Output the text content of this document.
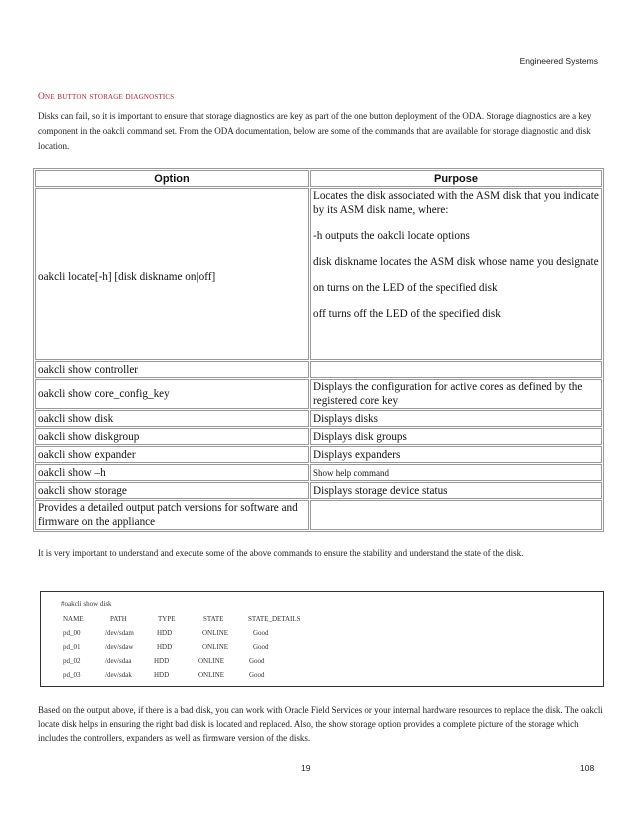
Engineered Systems
One button storage diagnostics
Disks can fail, so it is important to ensure that storage diagnostics are key as part of the one button deployment of the ODA. Storage diagnostics are a key component in the oakcli command set. From the ODA documentation, below are some of the commands that are available for storage diagnostic and disk location.
Option	Purpose
oakcli locate[-h] [disk diskname on|off]	Locates the disk associated with the ASM disk that you indicate by its ASM disk name, where:
-h outputs the oakcli locate options
disk diskname locates the ASM disk whose name you designate
on turns on the LED of the specified disk
off turns off the LED of the specified disk

oakcli show controller	
oakcli show core_config_key	Displays the configuration for active cores as defined by the registered core key
oakcli show disk	Displays disks
oakcli show diskgroup	Displays disk groups
oakcli show expander	Displays expanders
oakcli show –h	Show help command
oakcli show storage	Displays storage device status
Provides a detailed output patch versions for software and firmware on the appliance	
It is very important to understand and execute some of the above commands to ensure the stability and understand the state of the disk.
#oakcli show disk
NAME	PATH	TYPE	STATE	STATE_DETAILS
pd_00	/dev/sdam	HDD	ONLINE	Good
pd_01	/dev/sdaw	HDD	ONLINE	Good
pd_02	/dev/sdaa	HDD	ONLINE	Good
pd_03	/dev/sdak	HDD	ONLINE	Good
Based on the output above, if there is a bad disk, you can work with Oracle Field Services or your internal hardware resources to replace the disk. The oakcli locate disk helps in ensuring the right bad disk is located and replaced. Also, the show storage option provides a complete picture of the storage which includes the controllers, expanders as well as firmware version of the disks.
19	108
